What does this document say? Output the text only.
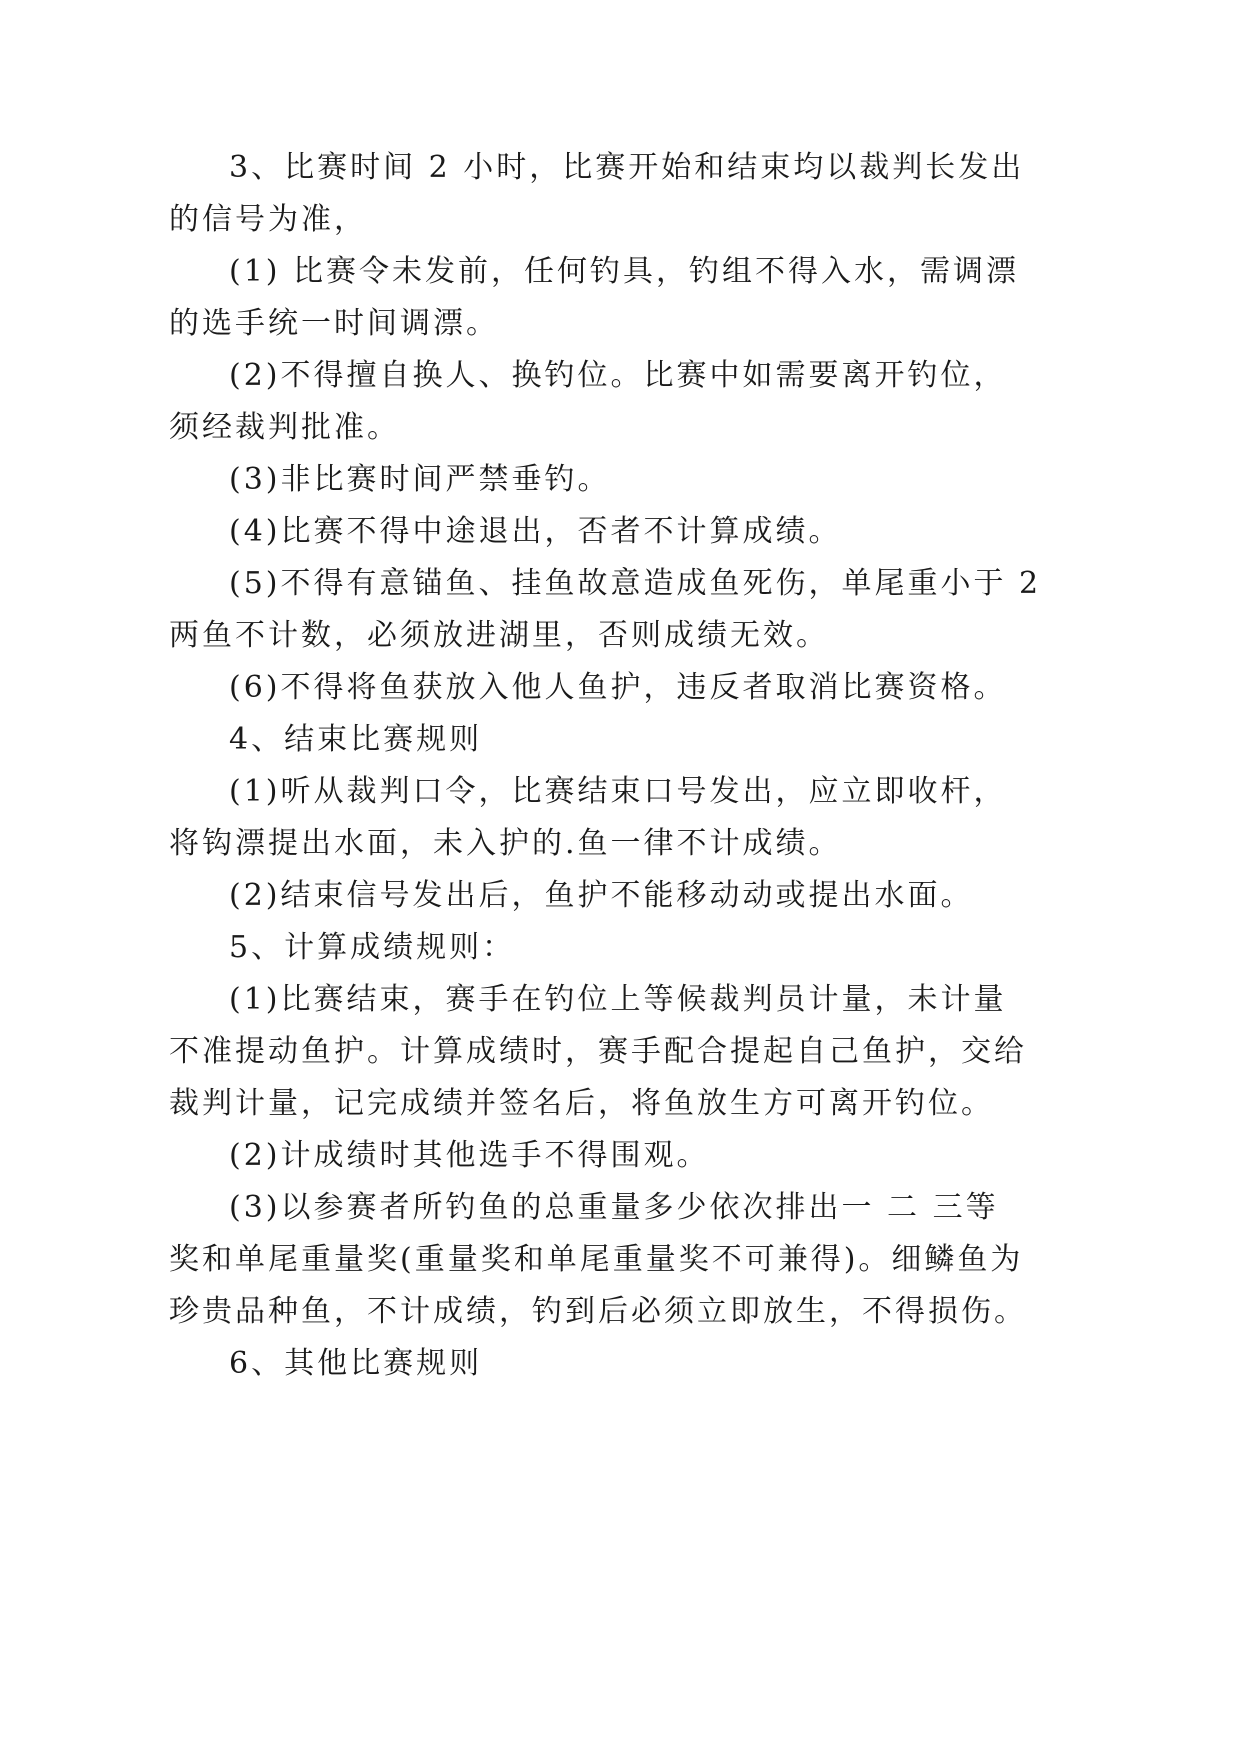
3、比赛时间 2 小时，比赛开始和结束均以裁判长发出

的信号为准，

(1) 比赛令未发前，任何钓具，钓组不得入水，需调漂

的选手统一时间调漂。

(2)不得擅自换人、换钓位。比赛中如需要离开钓位，

须经裁判批准。

(3)非比赛时间严禁垂钓。

(4)比赛不得中途退出，否者不计算成绩。

(5)不得有意锚鱼、挂鱼故意造成鱼死伤，单尾重小于 2

两鱼不计数，必须放进湖里，否则成绩无效。

(6)不得将鱼获放入他人鱼护，违反者取消比赛资格。

4、结束比赛规则

(1)听从裁判口令，比赛结束口号发出，应立即收杆，

将钩漂提出水面，未入护的.鱼一律不计成绩。

(2)结束信号发出后，鱼护不能移动动或提出水面。

5、计算成绩规则：

(1)比赛结束，赛手在钓位上等候裁判员计量，未计量

不准提动鱼护。计算成绩时，赛手配合提起自己鱼护，交给

裁判计量，记完成绩并签名后，将鱼放生方可离开钓位。

(2)计成绩时其他选手不得围观。

(3)以参赛者所钓鱼的总重量多少依次排出一 二 三等

奖和单尾重量奖(重量奖和单尾重量奖不可兼得)。细鳞鱼为

珍贵品种鱼，不计成绩，钓到后必须立即放生，不得损伤。

6、其他比赛规则
